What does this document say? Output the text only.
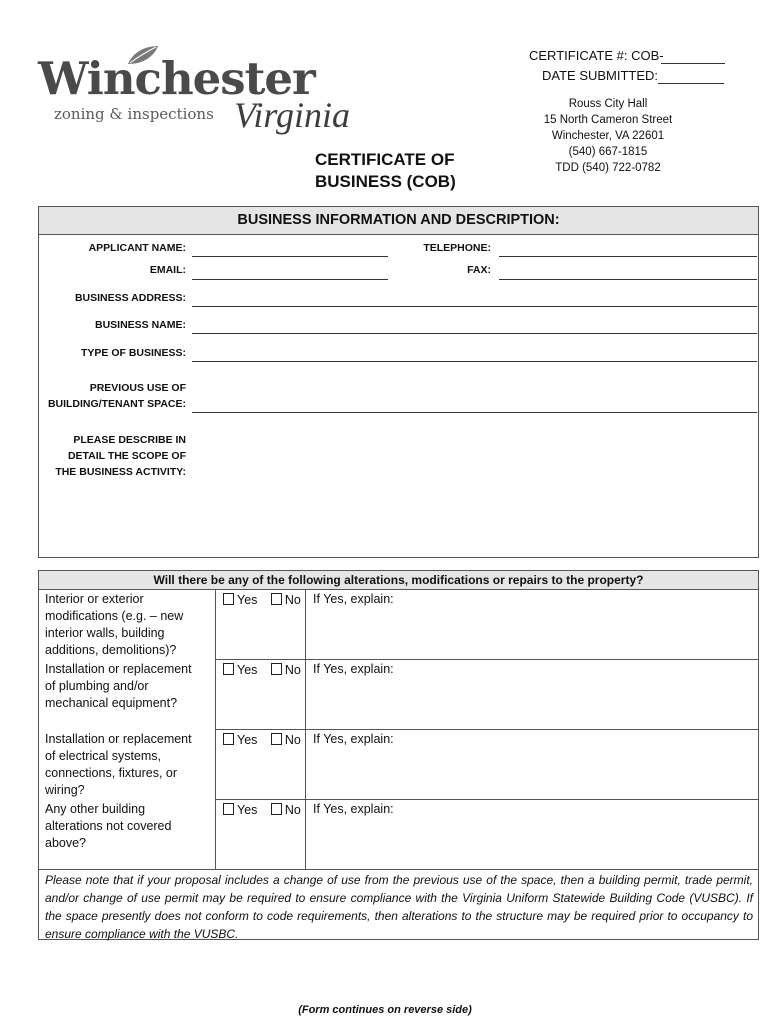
Winchester
zoning & inspections Virginia
CERTIFICATE #: COB-
DATE SUBMITTED:
Rouss City Hall
15 North Cameron Street
Winchester, VA 22601
(540) 667-1815
TDD (540) 722-0782
CERTIFICATE OF
BUSINESS (COB)
BUSINESS INFORMATION AND DESCRIPTION:
APPLICANT NAME:	TELEPHONE:
EMAIL:	FAX:
BUSINESS ADDRESS:
BUSINESS NAME:
TYPE OF BUSINESS:
PREVIOUS USE OF
BUILDING/TENANT SPACE:
PLEASE DESCRIBE IN
DETAIL THE SCOPE OF
THE BUSINESS ACTIVITY:
Will there be any of the following alterations, modifications or repairs to the property?
Interior or exterior
modifications (e.g. – new
interior walls, building
additions, demolitions)?
Yes No If Yes, explain:
Installation or replacement
of plumbing and/or
mechanical equipment?
Yes No If Yes, explain:
Installation or replacement
of electrical systems,
connections, fixtures, or
wiring?
Yes No If Yes, explain:
Any other building
alterations not covered
above?
Yes No If Yes, explain:
Please note that if your proposal includes a change of use from the previous use of the space, then a building permit, trade permit, and/or change of use permit may be required to ensure compliance with the Virginia Uniform Statewide Building Code (VUSBC). If the space presently does not conform to code requirements, then alterations to the structure may be required prior to occupancy to ensure compliance with the VUSBC.
(Form continues on reverse side)
